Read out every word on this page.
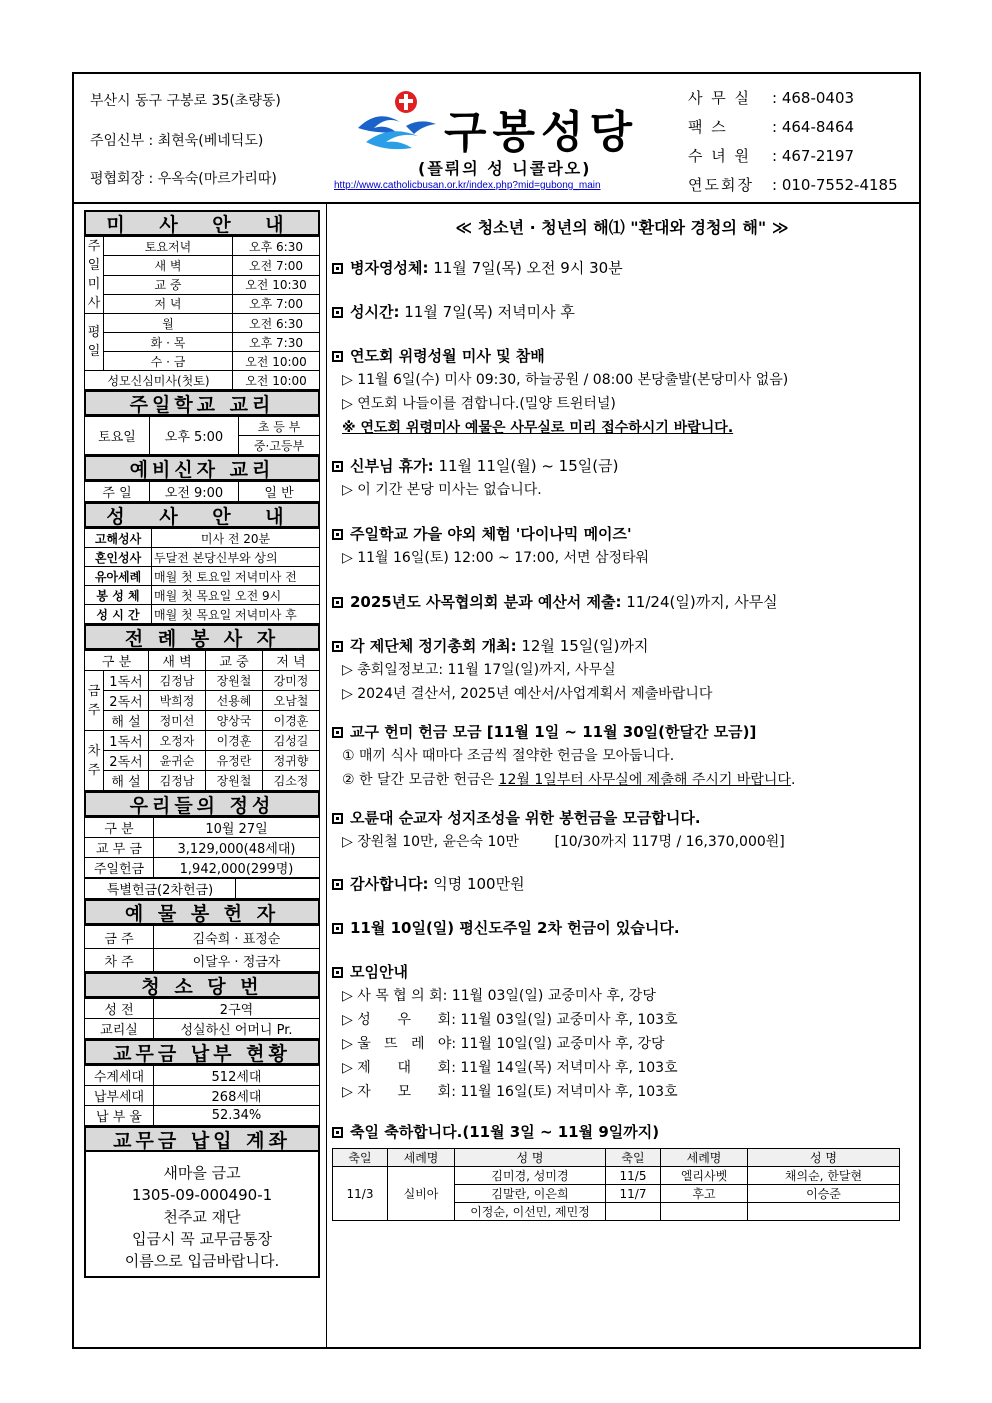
부산시 동구 구봉로 35(초량동)
주임신부 : 최현욱(베네딕도)
평협회장 : 우옥숙(마르가리따)
구봉성당
(플뤼의 성 니콜라오)
http://www.catholicbusan.or.kr/index.php?mid=gubong_main
사 무 실 : 468-0403
팩 스	: 464-8464
수 녀 원 : 467-2197
연도회장 : 010-7552-4185
미 사 안 내
주
일
미
사	토요저녁	오후 6:30
	새 벽	오전 7:00
	교 중	오전 10:30
	저 녁	오후 7:00
평
일	월	오전 6:30
	화 · 목	오후 7:30
	수 · 금	오전 10:00
성모신심미사(첫토)		오전 10:00
주일학교 교리
토요일	오후 5:00	초 등 부
중·고등부
예비신자 교리
주 일	오전 9:00	일 반
성 사 안 내
고해성사	미사 전 20분
혼인성사	두달전 본당신부와 상의
유아세례	매월 첫 토요일 저녁미사 전
봉 성 체	매월 첫 목요일 오전 9시
성 시 간	매월 첫 목요일 저녁미사 후
전 례 봉 사 자
구 분		새 벽	교 중	저 녁
금
주	1독서	김정남	장원철	강미정
	2독서	박희정	선용혜	오남철
	해 설	정미선	양상국	이경훈
차
주	1독서	오정자	이경훈	김성길
	2독서	윤귀순	유정란	정귀향
	해 설	김정남	장원철	김소정
우리들의 정성
구 분	10월 27일
교 무 금	3,129,000(48세대)
주일헌금	1,942,000(299명)
특별헌금(2차헌금)	
예 물 봉 헌 자
금 주	김숙희 · 표정순
차 주	이달우 · 정금자
청 소 당 번
성 전	2구역
교리실	성실하신 어머니 Pr.
교무금 납부 현황
수계세대	512세대
납부세대	268세대
납 부 율	52.34%
교무금 납입 계좌
새마을 금고
1305-09-000490-1
천주교 재단
입금시 꼭 교무금통장
이름으로 입금바랍니다.
≪ 청소년 · 청년의 해⑴ "환대와 경청의 해" ≫
병자영성체: 11월 7일(목) 오전 9시 30분
성시간: 11월 7일(목) 저녁미사 후
연도회 위령성월 미사 및 참배
▷ 11월 6일(수) 미사 09:30, 하늘공원 / 08:00 본당출발(본당미사 없음)
▷ 연도회 나들이를 겸합니다.(밀양 트윈터널)
※ 연도회 위령미사 예물은 사무실로 미리 접수하시기 바랍니다.
신부님 휴가: 11월 11일(월) ~ 15일(금)
▷ 이 기간 본당 미사는 없습니다.
주일학교 가을 야외 체험 '다이나믹 메이즈'
▷ 11월 16일(토) 12:00 ~ 17:00, 서면 삼정타워
2025년도 사목협의회 분과 예산서 제출: 11/24(일)까지, 사무실
각 제단체 정기총회 개최: 12월 15일(일)까지
▷ 총회일정보고: 11월 17일(일)까지, 사무실
▷ 2024년 결산서, 2025년 예산서/사업계획서 제출바랍니다
교구 헌미 헌금 모금 [11월 1일 ~ 11월 30일(한달간 모금)]
① 매끼 식사 때마다 조금씩 절약한 헌금을 모아둡니다.
② 한 달간 모금한 헌금은 12월 1일부터 사무실에 제출해 주시기 바랍니다.
오륜대 순교자 성지조성을 위한 봉헌금을 모금합니다.
▷ 장원철 10만, 윤은숙 10만        [10/30까지 117명 / 16,370,000원]
감사합니다: 익명 100만원
11월 10일(일) 평신도주일 2차 헌금이 있습니다.
모임안내
▷ 사 목 협 의 회: 11월 03일(일) 교중미사 후, 강당
▷ 성      우      회: 11월 03일(일) 교중미사 후, 103호
▷ 울   뜨   레   야: 11월 10일(일) 교중미사 후, 강당
▷ 제      대      회: 11월 14일(목) 저녁미사 후, 103호
▷ 자      모      회: 11월 16일(토) 저녁미사 후, 103호
축일 축하합니다.(11월 3일 ~ 11월 9일까지)
축일	세례명	성 명	축일	세례명	성 명
11/3	실비아	김미경, 성미경	11/5	엘리사벳	채의순, 한달현
		김말란, 이은희	11/7	후고	이승준
		이정순, 이선민, 제민정			
